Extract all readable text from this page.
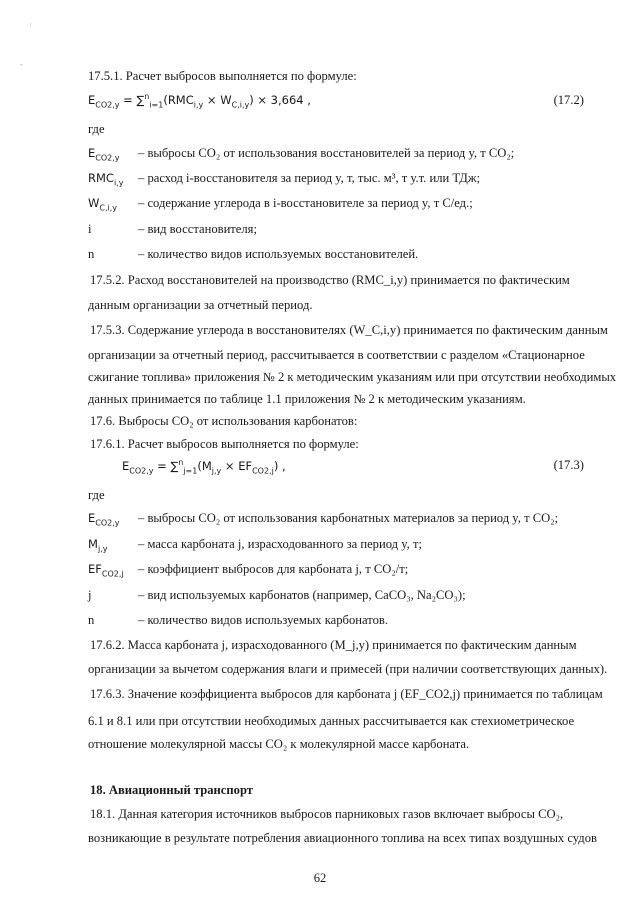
'
-
17.5.1. Расчет выбросов выполняется по формуле:
$E_{CO2,y} = \sum^n_{i=1}(RMC_{i,y} \times W_{C,i,y}) \times 3,664$ ,	(17.2)
где
$E_{CO2,y}$ – выбросы CO₂ от использования восстановителей за период y, т CO₂;
$RMC_{i,y}$ – расход i-восстановителя за период y, т, тыс. м³, т у.т. или ТДж;
$W_{C,i,y}$ – содержание углерода в i-восстановителе за период y, т С/ед.;
i	– вид восстановителя;
n	– количество видов используемых восстановителей.
17.5.2. Расход восстановителей на производство (RMC_i,y) принимается по фактическим
данным организации за отчетный период.
17.5.3. Содержание углерода в восстановителях (W_C,i,y) принимается по фактическим данным
организации за отчетный период, рассчитывается в соответствии с разделом «Стационарное
сжигание топлива» приложения № 2 к методическим указаниям или при отсутствии необходимых
данных принимается по таблице 1.1 приложения № 2 к методическим указаниям.
17.6. Выбросы CO₂ от использования карбонатов:
17.6.1. Расчет выбросов выполняется по формуле:
$E_{CO2,y} = \sum^n_{j=1}(M_{j,y} \times EF_{CO2,j})$ ,	(17.3)
где
$E_{CO2,y}$ – выбросы CO₂ от использования карбонатных материалов за период y, т CO₂;
$M_{j,y}$ – масса карбоната j, израсходованного за период y, т;
$EF_{CO2,j}$ – коэффициент выбросов для карбоната j, т CO₂/т;
j	– вид используемых карбонатов (например, CaCO₃, Na₂CO₃);
n	– количество видов используемых карбонатов.
17.6.2. Масса карбоната j, израсходованного (M_j,y) принимается по фактическим данным
организации за вычетом содержания влаги и примесей (при наличии соответствующих данных).
17.6.3. Значение коэффициента выбросов для карбоната j (EF_CO2,j) принимается по таблицам
6.1 и 8.1 или при отсутствии необходимых данных рассчитывается как стехиометрическое
отношение молекулярной массы CO₂ к молекулярной массе карбоната.
18. Авиационный транспорт
18.1. Данная категория источников выбросов парниковых газов включает выбросы CO₂,
возникающие в результате потребления авиационного топлива на всех типах воздушных судов
62
